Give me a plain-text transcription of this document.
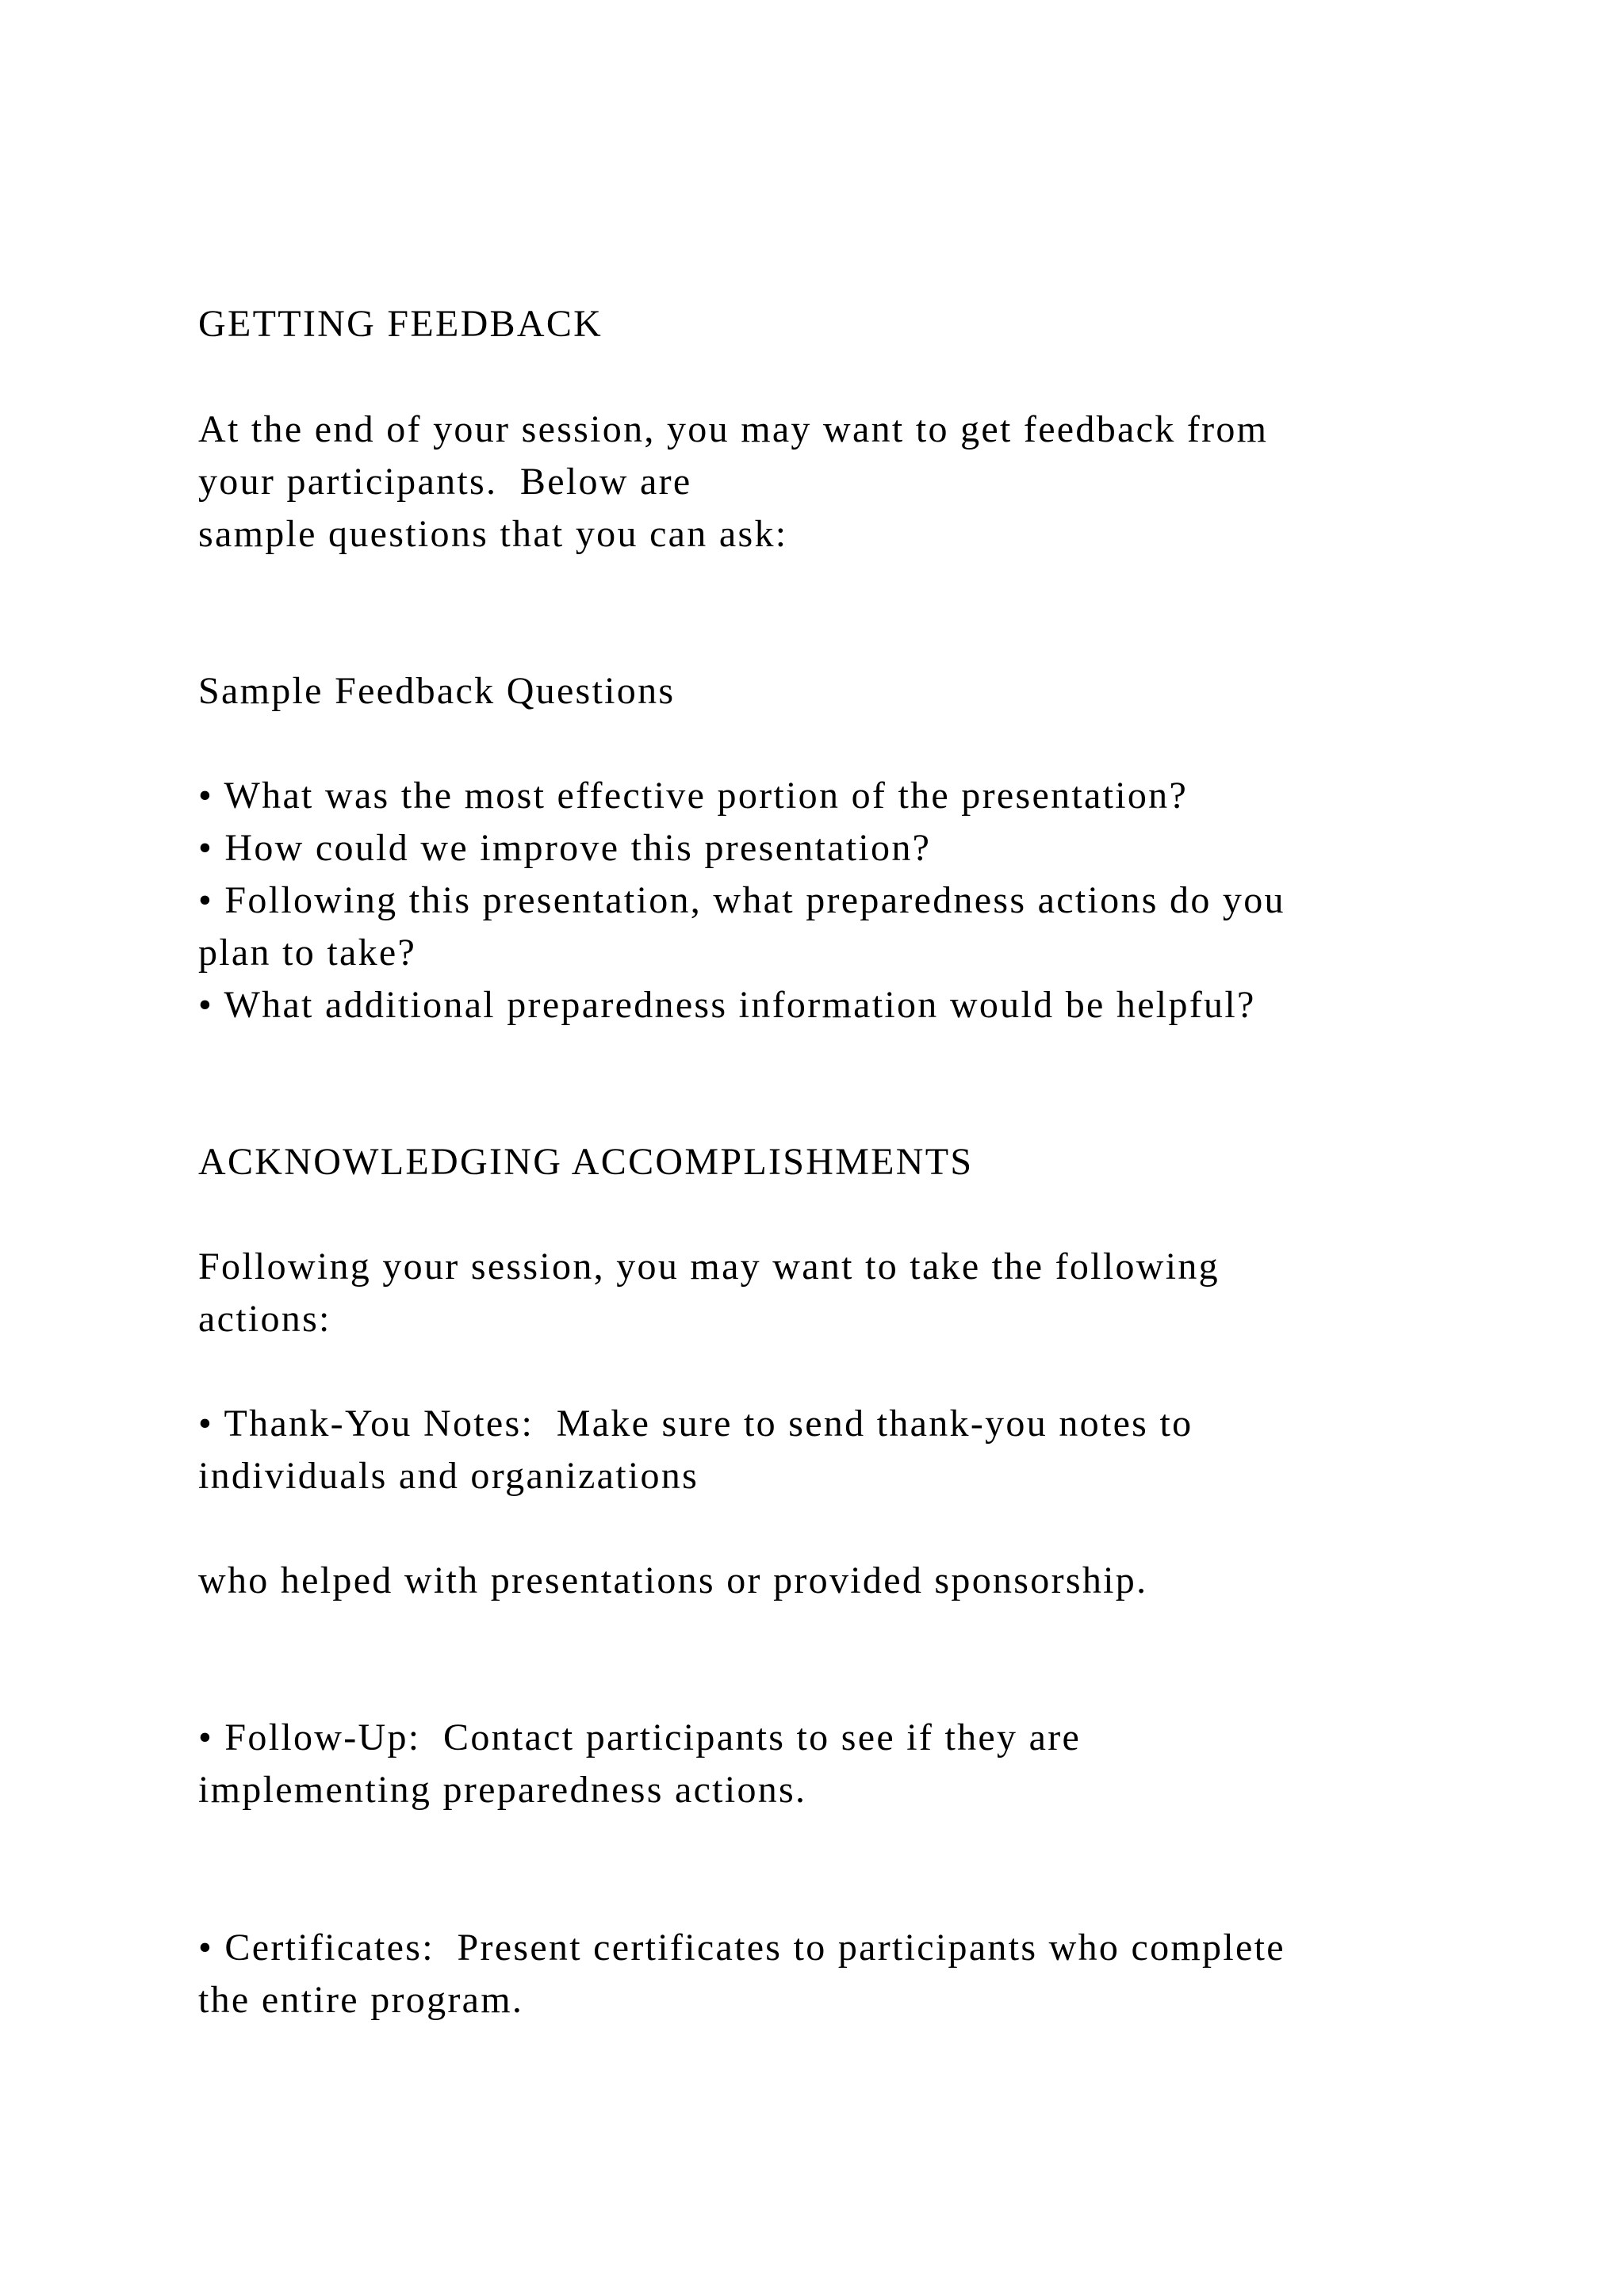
GETTING FEEDBACK
At the end of your session, you may want to get feedback from
your participants.  Below are
sample questions that you can ask:
Sample Feedback Questions
• What was the most effective portion of the presentation?
• How could we improve this presentation?
• Following this presentation, what preparedness actions do you
plan to take?
• What additional preparedness information would be helpful?
ACKNOWLEDGING ACCOMPLISHMENTS
Following your session, you may want to take the following
actions:
• Thank-You Notes:  Make sure to send thank-you notes to
individuals and organizations
who helped with presentations or provided sponsorship.
• Follow-Up:  Contact participants to see if they are
implementing preparedness actions.
• Certificates:  Present certificates to participants who complete
the entire program.
